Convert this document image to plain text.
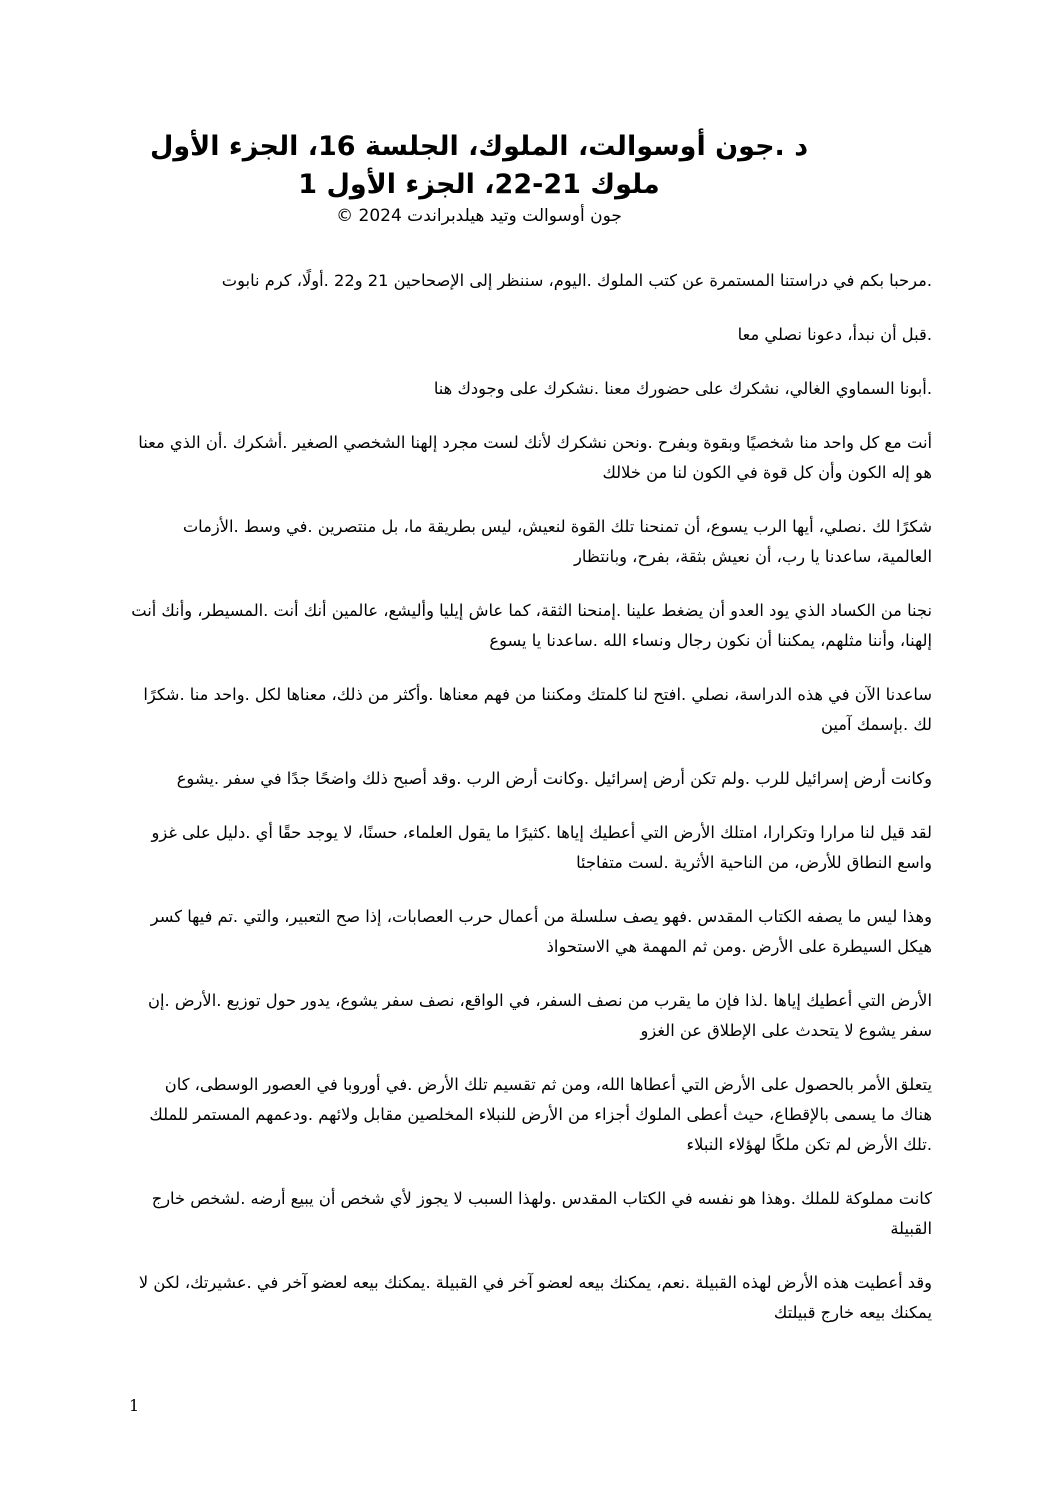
د .جون أوسوالت، الملوك، الجلسة 16، الجزء الأول

ملوك 21-22، الجزء الأول 1

جون أوسوالت وتيد هيلدبراندت 2024 ©

.مرحبا بكم في دراستنا المستمرة عن كتب الملوك .اليوم، سننظر إلى الإصحاحين 21 و22 .أولًا، كرم نابوت

.قبل أن نبدأ، دعونا نصلي معا

.أبونا السماوي الغالي، نشكرك على حضورك معنا .نشكرك على وجودك هنا

أنت مع كل واحد منا شخصيًا وبقوة وبفرح .ونحن نشكرك لأنك لست مجرد إلهنا الشخصي الصغير .أشكرك .أن الذي معنا هو إله الكون وأن كل قوة في الكون لنا من خلالك

شكرًا لك .نصلي، أيها الرب يسوع، أن تمنحنا تلك القوة لنعيش، ليس بطريقة ما، بل منتصرين .في وسط .الأزمات العالمية، ساعدنا يا رب، أن نعيش بثقة، بفرح، وبانتظار

نجنا من الكساد الذي يود العدو أن يضغط علينا .إمنحنا الثقة، كما عاش إيليا وأليشع، عالمين أنك أنت .المسيطر، وأنك أنت إلهنا، وأننا مثلهم، يمكننا أن نكون رجال ونساء الله .ساعدنا يا يسوع

ساعدنا الآن في هذه الدراسة، نصلي .افتح لنا كلمتك ومكننا من فهم معناها .وأكثر من ذلك، معناها لكل .واحد منا .شكرًا لك .بإسمك آمين

وكانت أرض إسرائيل للرب .ولم تكن أرض إسرائيل .وكانت أرض الرب .وقد أصبح ذلك واضحًا جدًا في سفر .يشوع

لقد قيل لنا مرارا وتكرارا، امتلك الأرض التي أعطيك إياها .كثيرًا ما يقول العلماء، حسنًا، لا يوجد حقًا أي .دليل على غزو واسع النطاق للأرض، من الناحية الأثرية .لست متفاجئا

وهذا ليس ما يصفه الكتاب المقدس .فهو يصف سلسلة من أعمال حرب العصابات، إذا صح التعبير، والتي .تم فيها كسر هيكل السيطرة على الأرض .ومن ثم المهمة هي الاستحواذ

الأرض التي أعطيك إياها .لذا فإن ما يقرب من نصف السفر، في الواقع، نصف سفر يشوع، يدور حول توزيع .الأرض .إن سفر يشوع لا يتحدث على الإطلاق عن الغزو

يتعلق الأمر بالحصول على الأرض التي أعطاها الله، ومن ثم تقسيم تلك الأرض .في أوروبا في العصور الوسطى، كان هناك ما يسمى بالإقطاع، حيث أعطى الملوك أجزاء من الأرض للنبلاء المخلصين مقابل ولائهم .ودعمهم المستمر للملك .تلك الأرض لم تكن ملكًا لهؤلاء النبلاء

كانت مملوكة للملك .وهذا هو نفسه في الكتاب المقدس .ولهذا السبب لا يجوز لأي شخص أن يبيع أرضه .لشخص خارج القبيلة

وقد أعطيت هذه الأرض لهذه القبيلة .نعم، يمكنك بيعه لعضو آخر في القبيلة .يمكنك بيعه لعضو آخر في .عشيرتك، لكن لا يمكنك بيعه خارج قبيلتك

1
